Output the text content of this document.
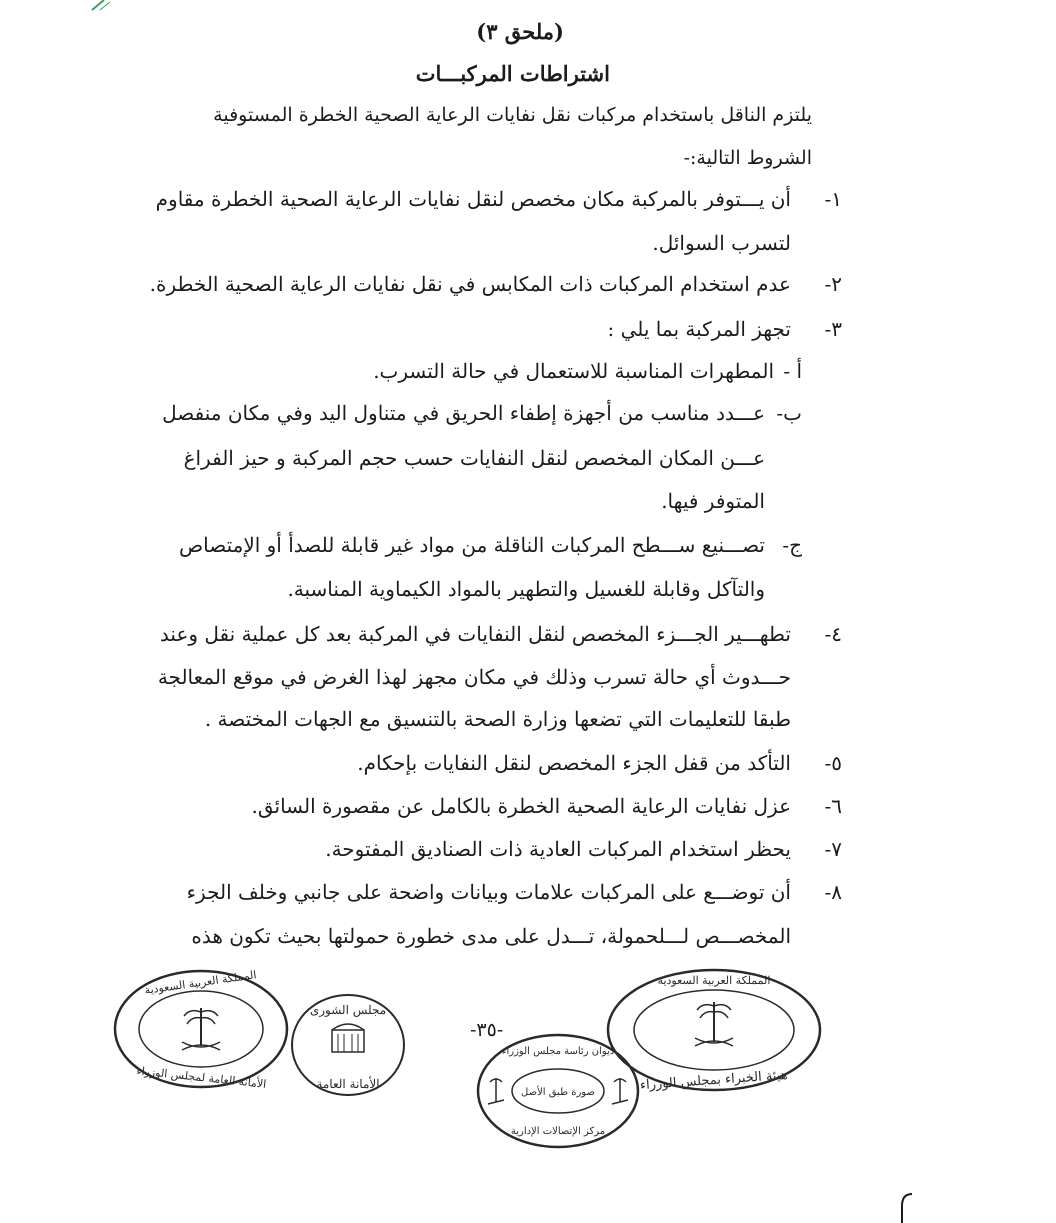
(ملحق ٣)
اشتراطات المركبـــات
يلتزم الناقل باستخدام مركبات نقل نفايات الرعاية الصحية الخطرة المستوفية
الشروط التالية:-
١-
أن يـــتوفر بالمركبة مكان مخصص لنقل نفايات الرعاية الصحية الخطرة مقاوم
لتسرب السوائل.
٢-
عدم استخدام المركبات ذات المكابس في نقل نفايات الرعاية الصحية الخطرة.
٣-
تجهز المركبة بما يلي :
أ -
المطهرات المناسبة للاستعمال في حالة التسرب.
ب-
عـــدد مناسب من أجهزة إطفاء الحريق في متناول اليد وفي مكان منفصل
عـــن المكان المخصص لنقل النفايات حسب حجم المركبة و حيز الفراغ
المتوفر فيها.
ج-
تصـــنيع ســـطح المركبات الناقلة من مواد غير قابلة للصدأ أو الإمتصاص
والتآكل وقابلة للغسيل والتطهير بالمواد الكيماوية المناسبة.
٤-
تطهـــير الجـــزء المخصص لنقل النفايات في المركبة بعد كل عملية نقل وعند
حـــدوث أي حالة تسرب وذلك في مكان مجهز لهذا الغرض في موقع المعالجة
طبقا للتعليمات التي تضعها وزارة الصحة بالتنسيق مع الجهات المختصة .
٥-
التأكد من قفل الجزء المخصص لنقل النفايات بإحكام.
٦-
عزل نفايات الرعاية الصحية الخطرة بالكامل عن مقصورة السائق.
٧-
يحظر استخدام المركبات العادية ذات الصناديق المفتوحة.
٨-
أن توضـــع على المركبات علامات وبيانات واضحة على جانبي وخلف الجزء
المخصـــص لـــلحمولة، تـــدل على مدى خطورة حمولتها بحيث تكون هذه
-٣٥-
المملكة العربية السعودية
الأمانة العامة لمجلس الوزراء
مجلس الشورى
الأمانة العامة
ديوان رئاسة مجلس الوزراء
صورة طبق الأصل
مركز الإتصالات الإدارية
المملكة العربية السعودية
هيئة الخبراء بمجلس الوزراء
